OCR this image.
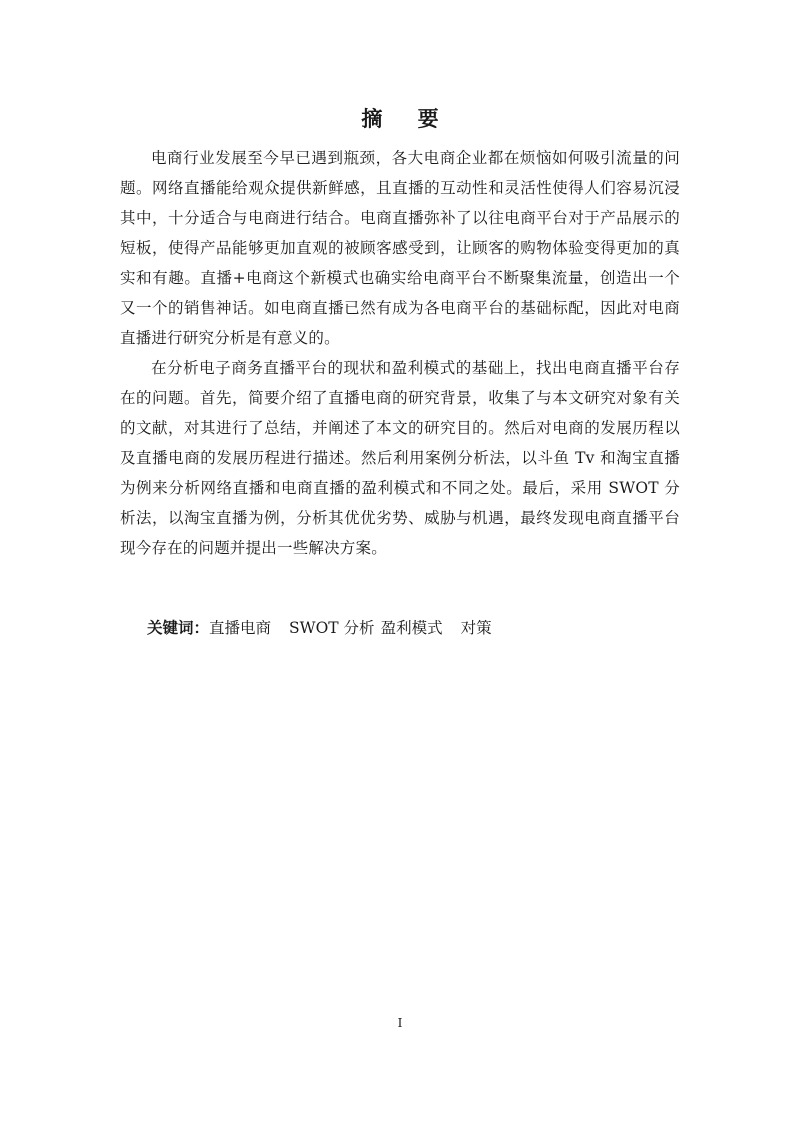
摘 要

电商行业发展至今早已遇到瓶颈，各大电商企业都在烦恼如何吸引流量的问题。网络直播能给观众提供新鲜感，且直播的互动性和灵活性使得人们容易沉浸其中，十分适合与电商进行结合。电商直播弥补了以往电商平台对于产品展示的短板，使得产品能够更加直观的被顾客感受到，让顾客的购物体验变得更加的真实和有趣。直播+电商这个新模式也确实给电商平台不断聚集流量，创造出一个又一个的销售神话。如电商直播已然有成为各电商平台的基础标配，因此对电商直播进行研究分析是有意义的。

在分析电子商务直播平台的现状和盈利模式的基础上，找出电商直播平台存在的问题。首先，简要介绍了直播电商的研究背景，收集了与本文研究对象有关的文献，对其进行了总结，并阐述了本文的研究目的。然后对电商的发展历程以及直播电商的发展历程进行描述。然后利用案例分析法，以斗鱼 Tv 和淘宝直播为例来分析网络直播和电商直播的盈利模式和不同之处。最后，采用 SWOT 分析法，以淘宝直播为例，分析其优优劣势、威胁与机遇，最终发现电商直播平台现今存在的问题并提出一些解决方案。

关键词：直播电商 SWOT 分析 盈利模式 对策
I
